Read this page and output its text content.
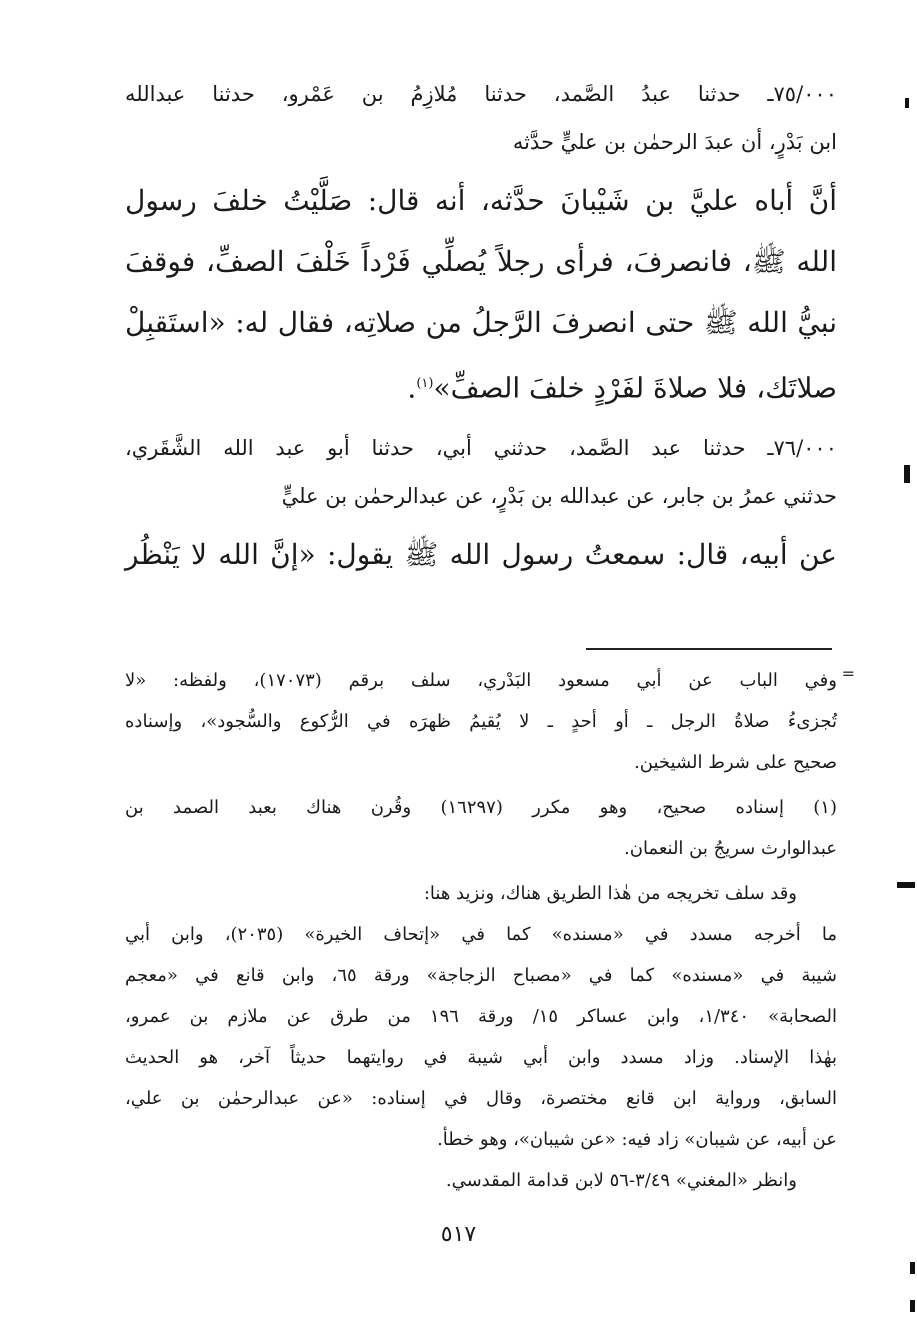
٧٥/٠٠٠ـ حدثنا عبدُ الصَّمد، حدثنا مُلازِمُ بن عَمْرو، حدثنا عبدالله
ابن بَدْرٍ، أن عبدَ الرحمٰن بن عليٍّ حدَّثه
أنَّ أباه عليَّ بن شَيْبانَ حدَّثه، أنه قال: صَلَّيْتُ خلفَ رسول
الله ﷺ، فانصرفَ، فرأى رجلاً يُصلِّي فَرْداً خَلْفَ الصفِّ، فوقفَ
نبيُّ الله ﷺ حتى انصرفَ الرَّجلُ من صلاتِه، فقال له: «استَقبِلْ
صلاتَك، فلا صلاةَ لفَرْدٍ خلفَ الصفِّ»$^{(١)}$.
٧٦/٠٠٠ـ حدثنا عبد الصَّمد، حدثني أبي، حدثنا أبو عبد الله الشَّقَري،
حدثني عمرُ بن جابر، عن عبدالله بن بَدْرٍ، عن عبدالرحمٰن بن عليٍّ
عن أبيه، قال: سمعتُ رسول الله ﷺ يقول: «إنَّ الله لا يَنْظُر
=
وفي الباب عن أبي مسعود البَدْري، سلف برقم (١٧٠٧٣)، ولفظه: «لا
تُجزىءُ صلاةُ الرجل ـ أو أحدٍ ـ لا يُقيمُ ظهرَه في الرُّكوع والسُّجود»، وإسناده
صحيح على شرط الشيخين.
(١) إسناده صحيح، وهو مكرر (١٦٢٩٧) وقُرن هناك بعبد الصمد بن
عبدالوارث سريجُ بن النعمان.
وقد سلف تخريجه من هٰذا الطريق هناك، ونزيد هنا:
ما أخرجه مسدد في «مسنده» كما في «إتحاف الخيرة» (٢٠٣٥)، وابن أبي
شيبة في «مسنده» كما في «مصباح الزجاجة» ورقة ٦٥، وابن قانع في «معجم
الصحابة» ١/٣٤٠، وابن عساكر ١٥/ ورقة ١٩٦ من طرق عن ملازم بن عمرو،
بهٰذا الإسناد. وزاد مسدد وابن أبي شيبة في روايتهما حديثاً آخر، هو الحديث
السابق، ورواية ابن قانع مختصرة، وقال في إسناده: «عن عبدالرحمٰن بن علي،
عن أبيه، عن شيبان» زاد فيه: «عن شيبان»، وهو خطأ.
وانظر «المغني» ٣/٤٩-٥٦ لابن قدامة المقدسي.
٥١٧
